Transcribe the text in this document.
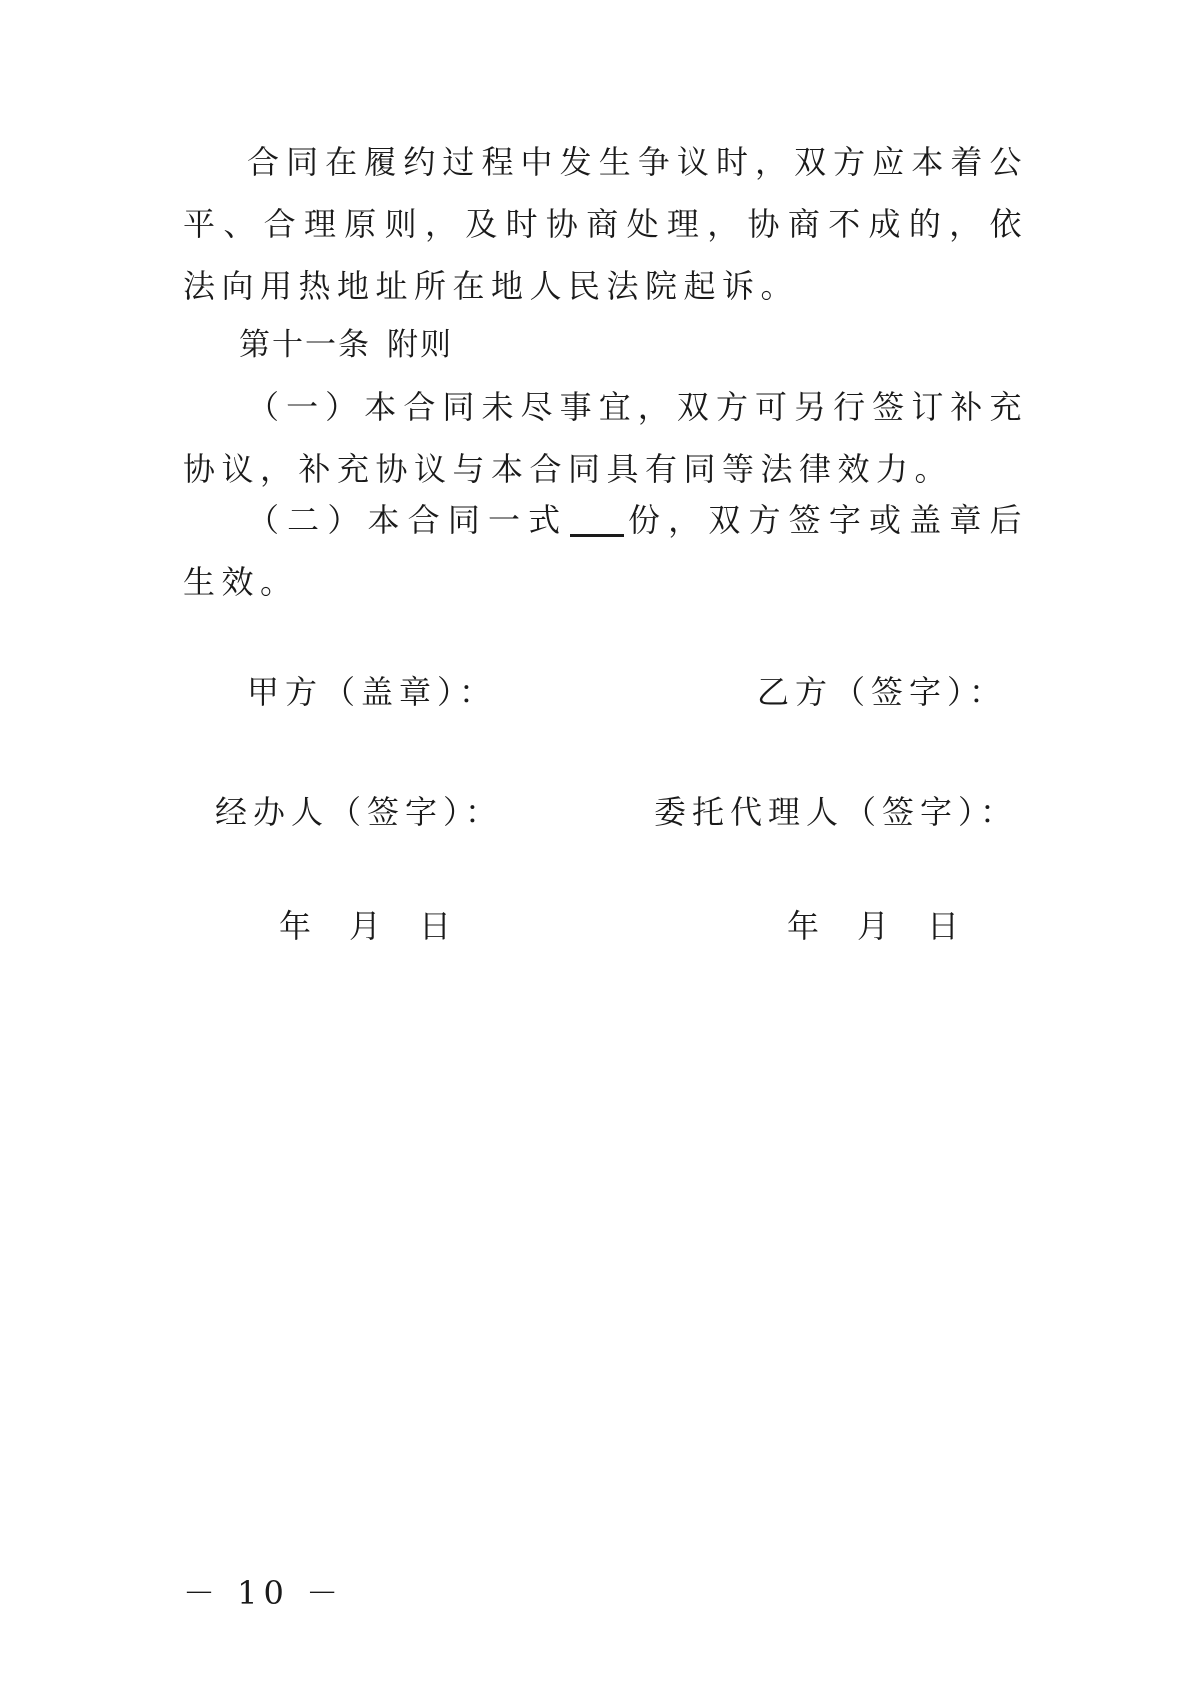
合同在履约过程中发生争议时，双方应本着公平、合理原则，及时协商处理，协商不成的，依法向用热地址所在地人民法院起诉。

第十一条 附则

（一）本合同未尽事宜，双方可另行签订补充协议，补充协议与本合同具有同等法律效力。

（二）本合同一式 份，双方签字或盖章后生效。

甲方（盖章）：	乙方（签字）：
经办人（签字）：	委托代理人（签字）：
年 月 日	年 月 日
－ 10 －
